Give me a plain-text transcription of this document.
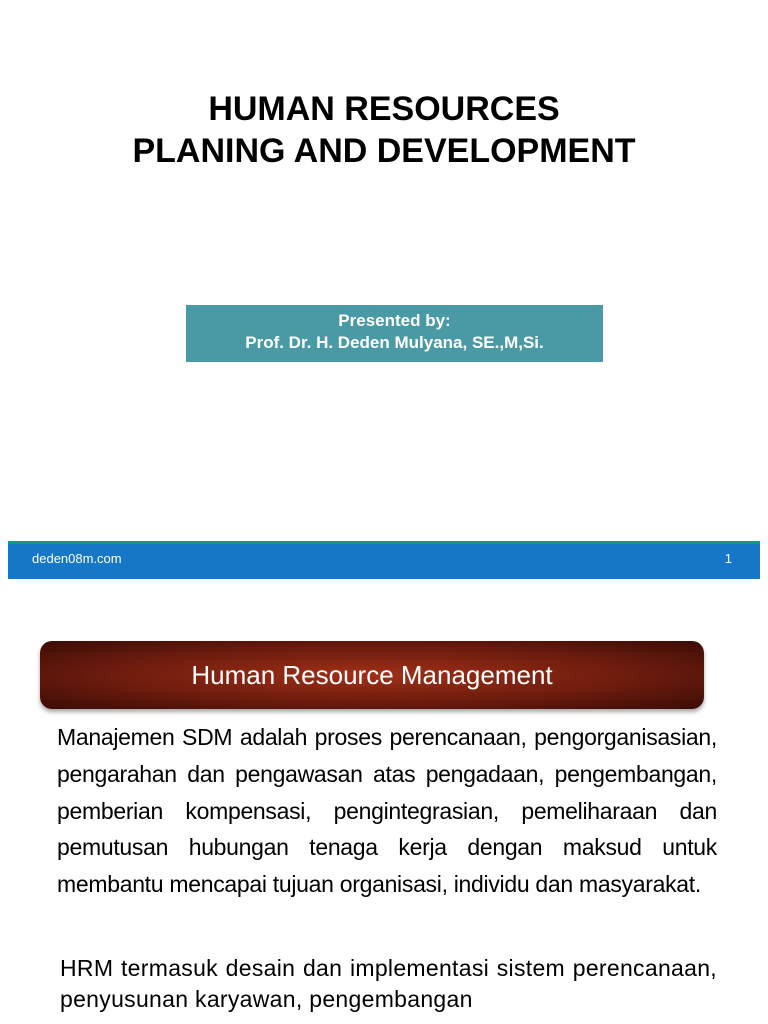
HUMAN RESOURCES
PLANING AND DEVELOPMENT
Presented by:
Prof. Dr. H. Deden Mulyana, SE.,M,Si.
deden08m.com	1
Human Resource Management

Manajemen SDM adalah proses perencanaan, pengorganisasian, pengarahan dan pengawasan atas pengadaan, pengembangan, pemberian kompensasi, pengintegrasian, pemeliharaan dan pemutusan hubungan tenaga kerja dengan maksud untuk membantu mencapai tujuan organisasi, individu dan masyarakat.

HRM termasuk desain dan implementasi sistem perencanaan, penyusunan karyawan, pengembangan
